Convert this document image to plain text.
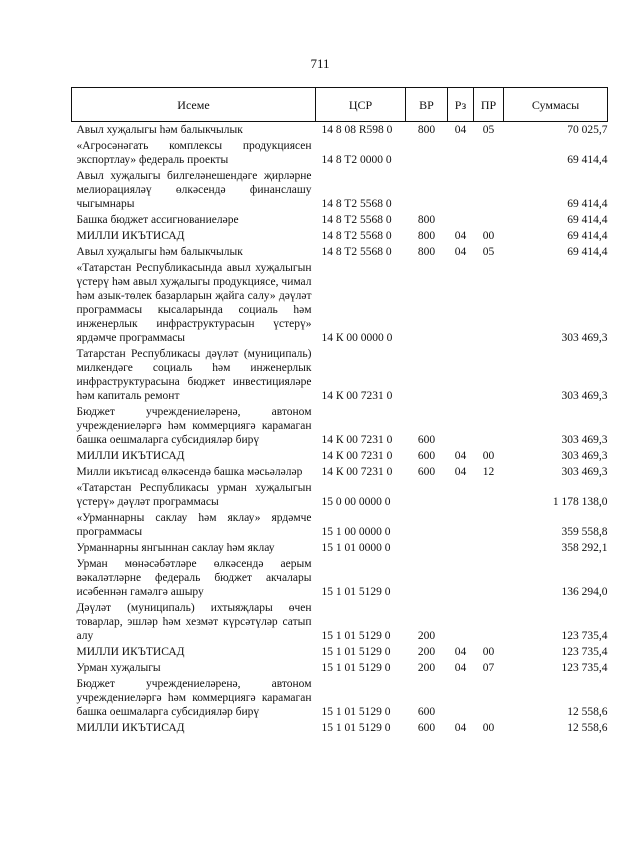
711
Исеме	ЦСР	ВР	Рз	ПР	Суммасы
Авыл хуҗалыгы һәм балыкчылык	14 8 08 R598 0	800	04	05	70 025,7
«Агросәнәгать комплексы продукциясен экспортлау» федераль проекты	14 8 T2 0000 0				69 414,4
Авыл хуҗалыгы билгеләнешендәге җирләрне мелиорацияләү өлкәсендә финанслашу чыгымнары	14 8 T2 5568 0				69 414,4
Башка бюджет ассигнованиеләре	14 8 T2 5568 0	800			69 414,4
МИЛЛИ ИКЪТИСАД	14 8 T2 5568 0	800	04	00	69 414,4
Авыл хуҗалыгы һәм балыкчылык	14 8 T2 5568 0	800	04	05	69 414,4
«Татарстан Республикасында авыл хуҗалыгын үстерү һәм авыл хуҗалыгы продукциясе, чимал һәм азык-төлек базарларын җайга салу» дәүләт программасы кысаларында социаль һәм инженерлык инфраструктурасын үстерү» ярдәмче программасы	14 К 00 0000 0				303 469,3
Татарстан Республикасы дәүләт (муниципаль) милкендәге социаль һәм инженерлык инфраструктурасына бюджет инвестицияләре һәм капиталь ремонт	14 К 00 7231 0				303 469,3
Бюджет учреждениеләренә, автоном учреждениеләргә һәм коммерциягә карамаган башка оешмаларга субсидияләр бирү	14 К 00 7231 0	600			303 469,3
МИЛЛИ ИКЪТИСАД	14 К 00 7231 0	600	04	00	303 469,3
Милли икътисад өлкәсендә башка мәсьәләләр	14 К 00 7231 0	600	04	12	303 469,3
«Татарстан Республикасы урман хуҗалыгын үстерү» дәүләт программасы	15 0 00 0000 0				1 178 138,0
«Урманнарны саклау һәм яклау» ярдәмче программасы	15 1 00 0000 0				359 558,8
Урманнарны янгыннан саклау һәм яклау	15 1 01 0000 0				358 292,1
Урман мөнәсәбәтләре өлкәсендә аерым вәкаләтләрне федераль бюджет акчалары исәбеннән гамәлгә ашыру	15 1 01 5129 0				136 294,0
Дәүләт (муниципаль) ихтыяҗлары өчен товарлар, эшләр һәм хезмәт күрсәтүләр сатып алу	15 1 01 5129 0	200			123 735,4
МИЛЛИ ИКЪТИСАД	15 1 01 5129 0	200	04	00	123 735,4
Урман хуҗалыгы	15 1 01 5129 0	200	04	07	123 735,4
Бюджет учреждениеләренә, автоном учреждениеләргә һәм коммерциягә карамаган башка оешмаларга субсидияләр бирү	15 1 01 5129 0	600			12 558,6
МИЛЛИ ИКЪТИСАД	15 1 01 5129 0	600	04	00	12 558,6
